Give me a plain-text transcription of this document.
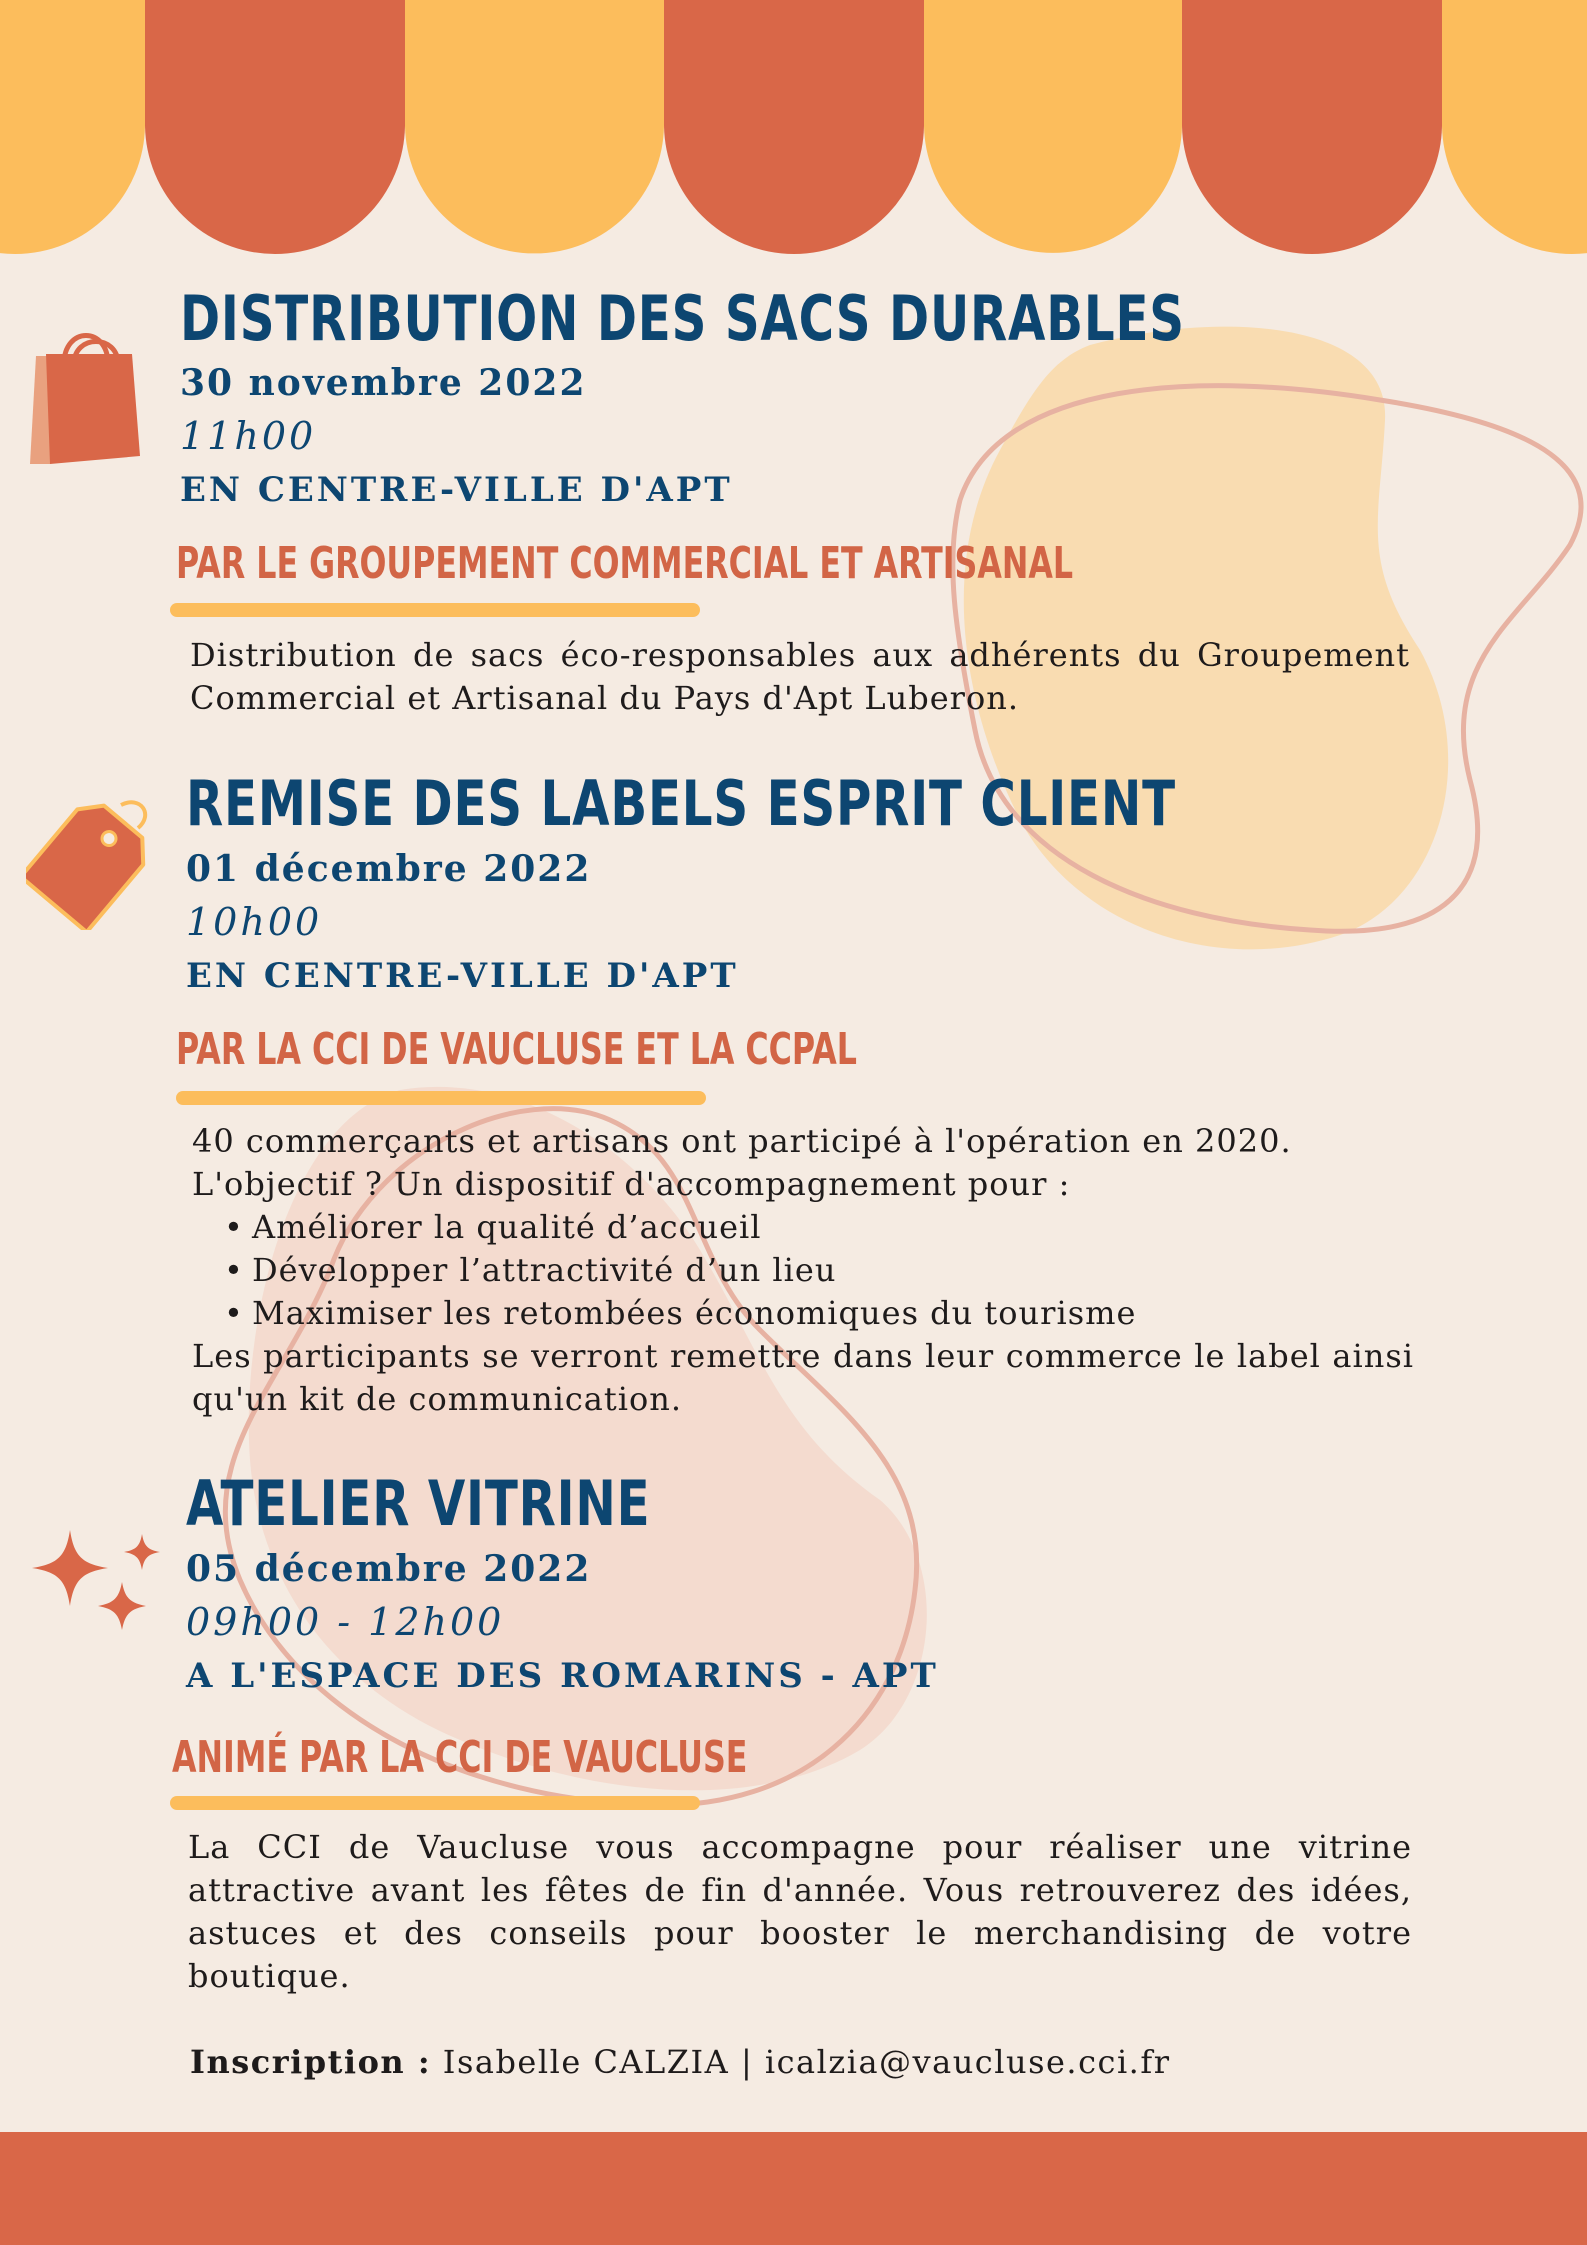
DISTRIBUTION DES SACS DURABLES

30 novembre 2022

11h00

EN CENTRE-VILLE D'APT

PAR LE GROUPEMENT COMMERCIAL ET ARTISANAL

Distribution de sacs éco-responsables aux adhérents du Groupement Commercial et Artisanal du Pays d'Apt Luberon.

REMISE DES LABELS ESPRIT CLIENT

01 décembre 2022

10h00

EN CENTRE-VILLE D'APT

PAR LA CCI DE VAUCLUSE ET LA CCPAL

40 commerçants et artisans ont participé à l'opération en 2020.
L'objectif ? Un dispositif d'accompagnement pour :
• Améliorer la qualité d’accueil
• Développer l’attractivité d’un lieu
• Maximiser les retombées économiques du tourisme
Les participants se verront remettre dans leur commerce le label ainsi qu'un kit de communication.
ATELIER VITRINE

05 décembre 2022

09h00 - 12h00

A L'ESPACE DES ROMARINS - APT

ANIMÉ PAR LA CCI DE VAUCLUSE

La CCI de Vaucluse vous accompagne pour réaliser une vitrine attractive avant les fêtes de fin d'année. Vous retrouverez des idées, astuces et des conseils pour booster le merchandising de votre boutique.

Inscription : Isabelle CALZIA | icalzia@vaucluse.cci.fr
